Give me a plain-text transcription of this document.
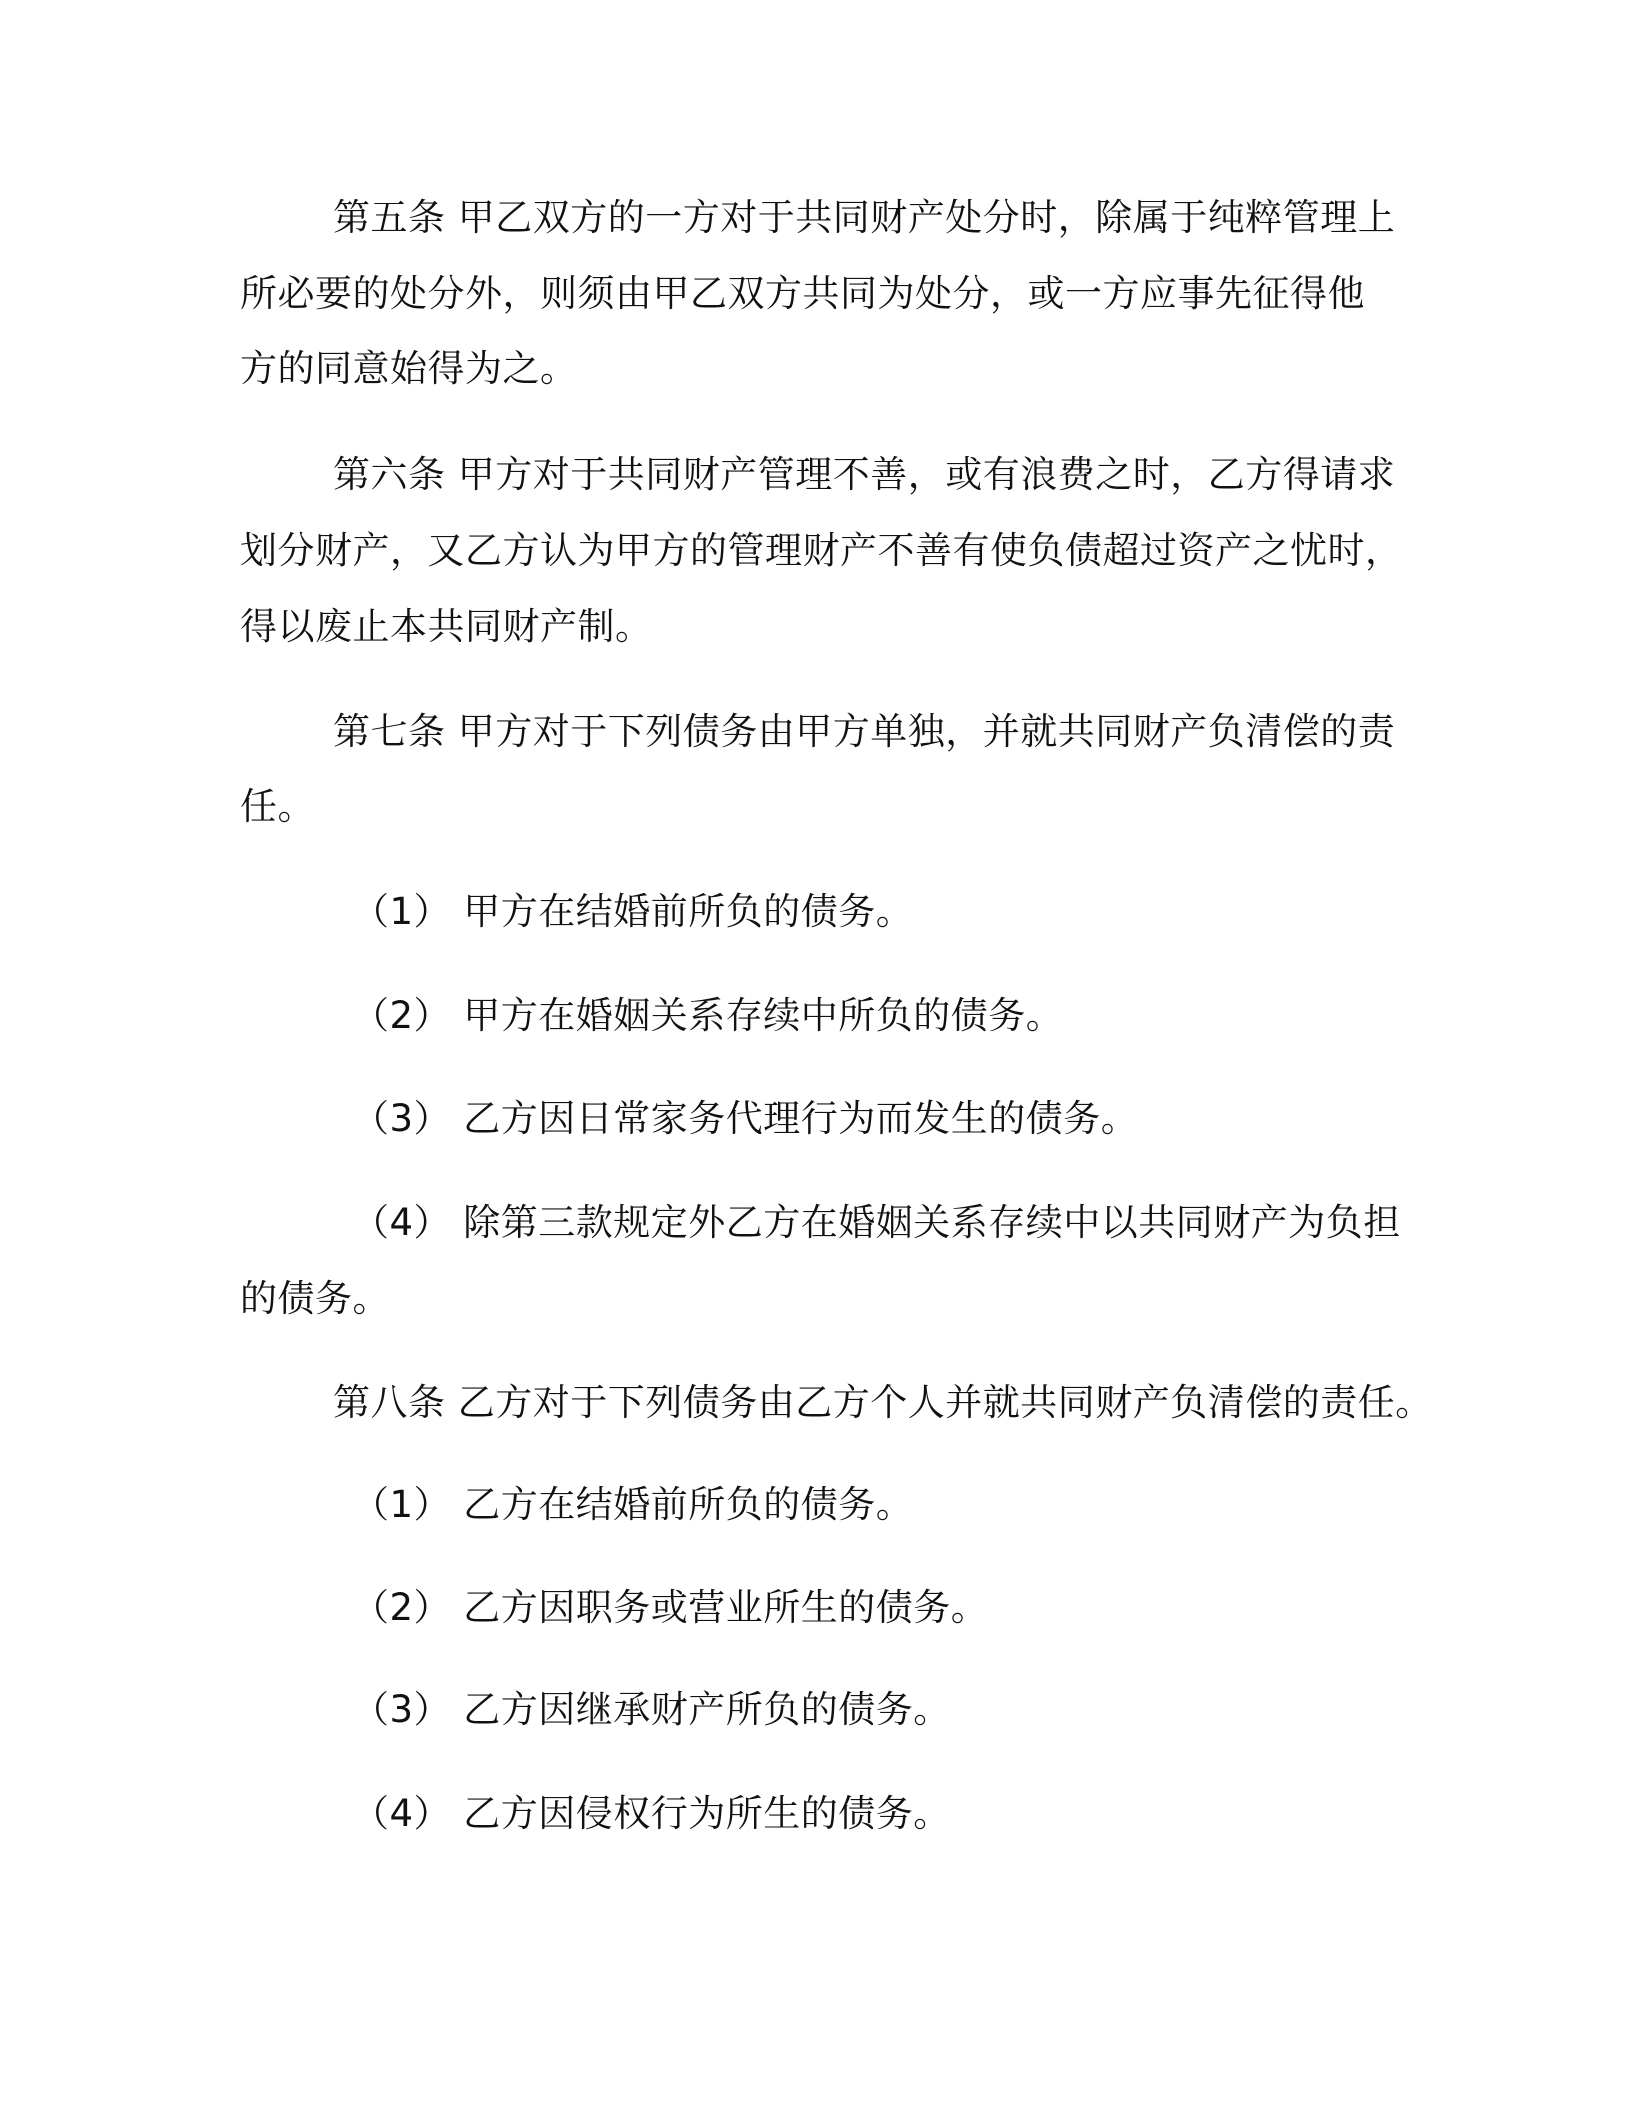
第五条 甲乙双方的一方对于共同财产处分时，除属于纯粹管理上
所必要的处分外，则须由甲乙双方共同为处分，或一方应事先征得他
方的同意始得为之。
第六条 甲方对于共同财产管理不善，或有浪费之时，乙方得请求
划分财产，又乙方认为甲方的管理财产不善有使负债超过资产之忧时，
得以废止本共同财产制。
第七条 甲方对于下列债务由甲方单独，并就共同财产负清偿的责
任。
（1） 甲方在结婚前所负的债务。
（2） 甲方在婚姻关系存续中所负的债务。
（3） 乙方因日常家务代理行为而发生的债务。
（4） 除第三款规定外乙方在婚姻关系存续中以共同财产为负担
的债务。
第八条 乙方对于下列债务由乙方个人并就共同财产负清偿的责任。
（1） 乙方在结婚前所负的债务。
（2） 乙方因职务或营业所生的债务。
（3） 乙方因继承财产所负的债务。
（4） 乙方因侵权行为所生的债务。
